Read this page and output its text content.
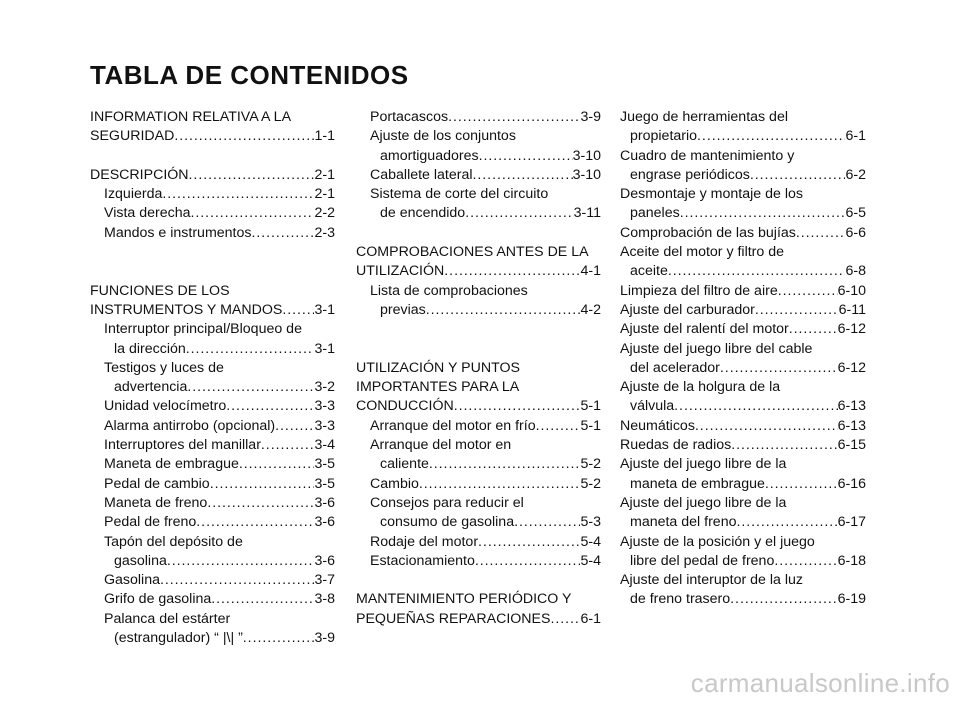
TABLA DE CONTENIDOS
INFORMATION RELATIVA A LA
SEGURIDAD . . .	1-1
DESCRIPCIÓN . . .	2-1
Izquierda . . .	2-1
Vista derecha . . .	2-2
Mandos e instrumentos . . .	2-3
FUNCIONES DE LOS
INSTRUMENTOS Y MANDOS . . . 3-1
Interruptor principal/Bloqueo de
la dirección . . .	3-1
Testigos y luces de
advertencia . . .	3-2
Unidad velocímetro . . .	3-3
Alarma antirrobo (opcional) . . .	3-3
Interruptores del manillar . . .	3-4
Maneta de embrague . . .	3-5
Pedal de cambio . . .	3-5
Maneta de freno . . .	3-6
Pedal de freno . . .	3-6
Tapón del depósito de
gasolina . . .	3-6
Gasolina . . .	3-7
Grifo de gasolina . . .	3-8
Palanca del estárter
(estrangulador) “ |\| ” . . .	3-9
Portacascos . . .	3-9
Ajuste de los conjuntos
amortiguadores . . .	3-10
Caballete lateral . . .	3-10
Sistema de corte del circuito
de encendido . . .	3-11
COMPROBACIONES ANTES DE LA
UTILIZACIÓN . . .	4-1
Lista de comprobaciones
previas . . .	4-2
UTILIZACIÓN Y PUNTOS
IMPORTANTES PARA LA
CONDUCCIÓN . . .	5-1
Arranque del motor en frío . . .	5-1
Arranque del motor en
caliente . . .	5-2
Cambio . . .	5-2
Consejos para reducir el
consumo de gasolina . . .	5-3
Rodaje del motor . . .	5-4
Estacionamiento . . .	5-4
MANTENIMIENTO PERIÓDICO Y
PEQUEÑAS REPARACIONES . . . 6-1
Juego de herramientas del
propietario . . .	6-1
Cuadro de mantenimiento y
engrase periódicos . . .	6-2
Desmontaje y montaje de los
paneles . . .	6-5
Comprobación de las bujías . . .	6-6
Aceite del motor y filtro de
aceite . . .	6-8
Limpieza del filtro de aire . . .	6-10
Ajuste del carburador . . .	6-11
Ajuste del ralentí del motor . . .	6-12
Ajuste del juego libre del cable
del acelerador . . .	6-12
Ajuste de la holgura de la
válvula . . .	6-13
Neumáticos . . .	6-13
Ruedas de radios . . .	6-15
Ajuste del juego libre de la
maneta de embrague . . .	6-16
Ajuste del juego libre de la
maneta del freno . . .	6-17
Ajuste de la posición y el juego
libre del pedal de freno . . .	6-18
Ajuste del interuptor de la luz
de freno trasero . . .	6-19
carmanualsonline.info
